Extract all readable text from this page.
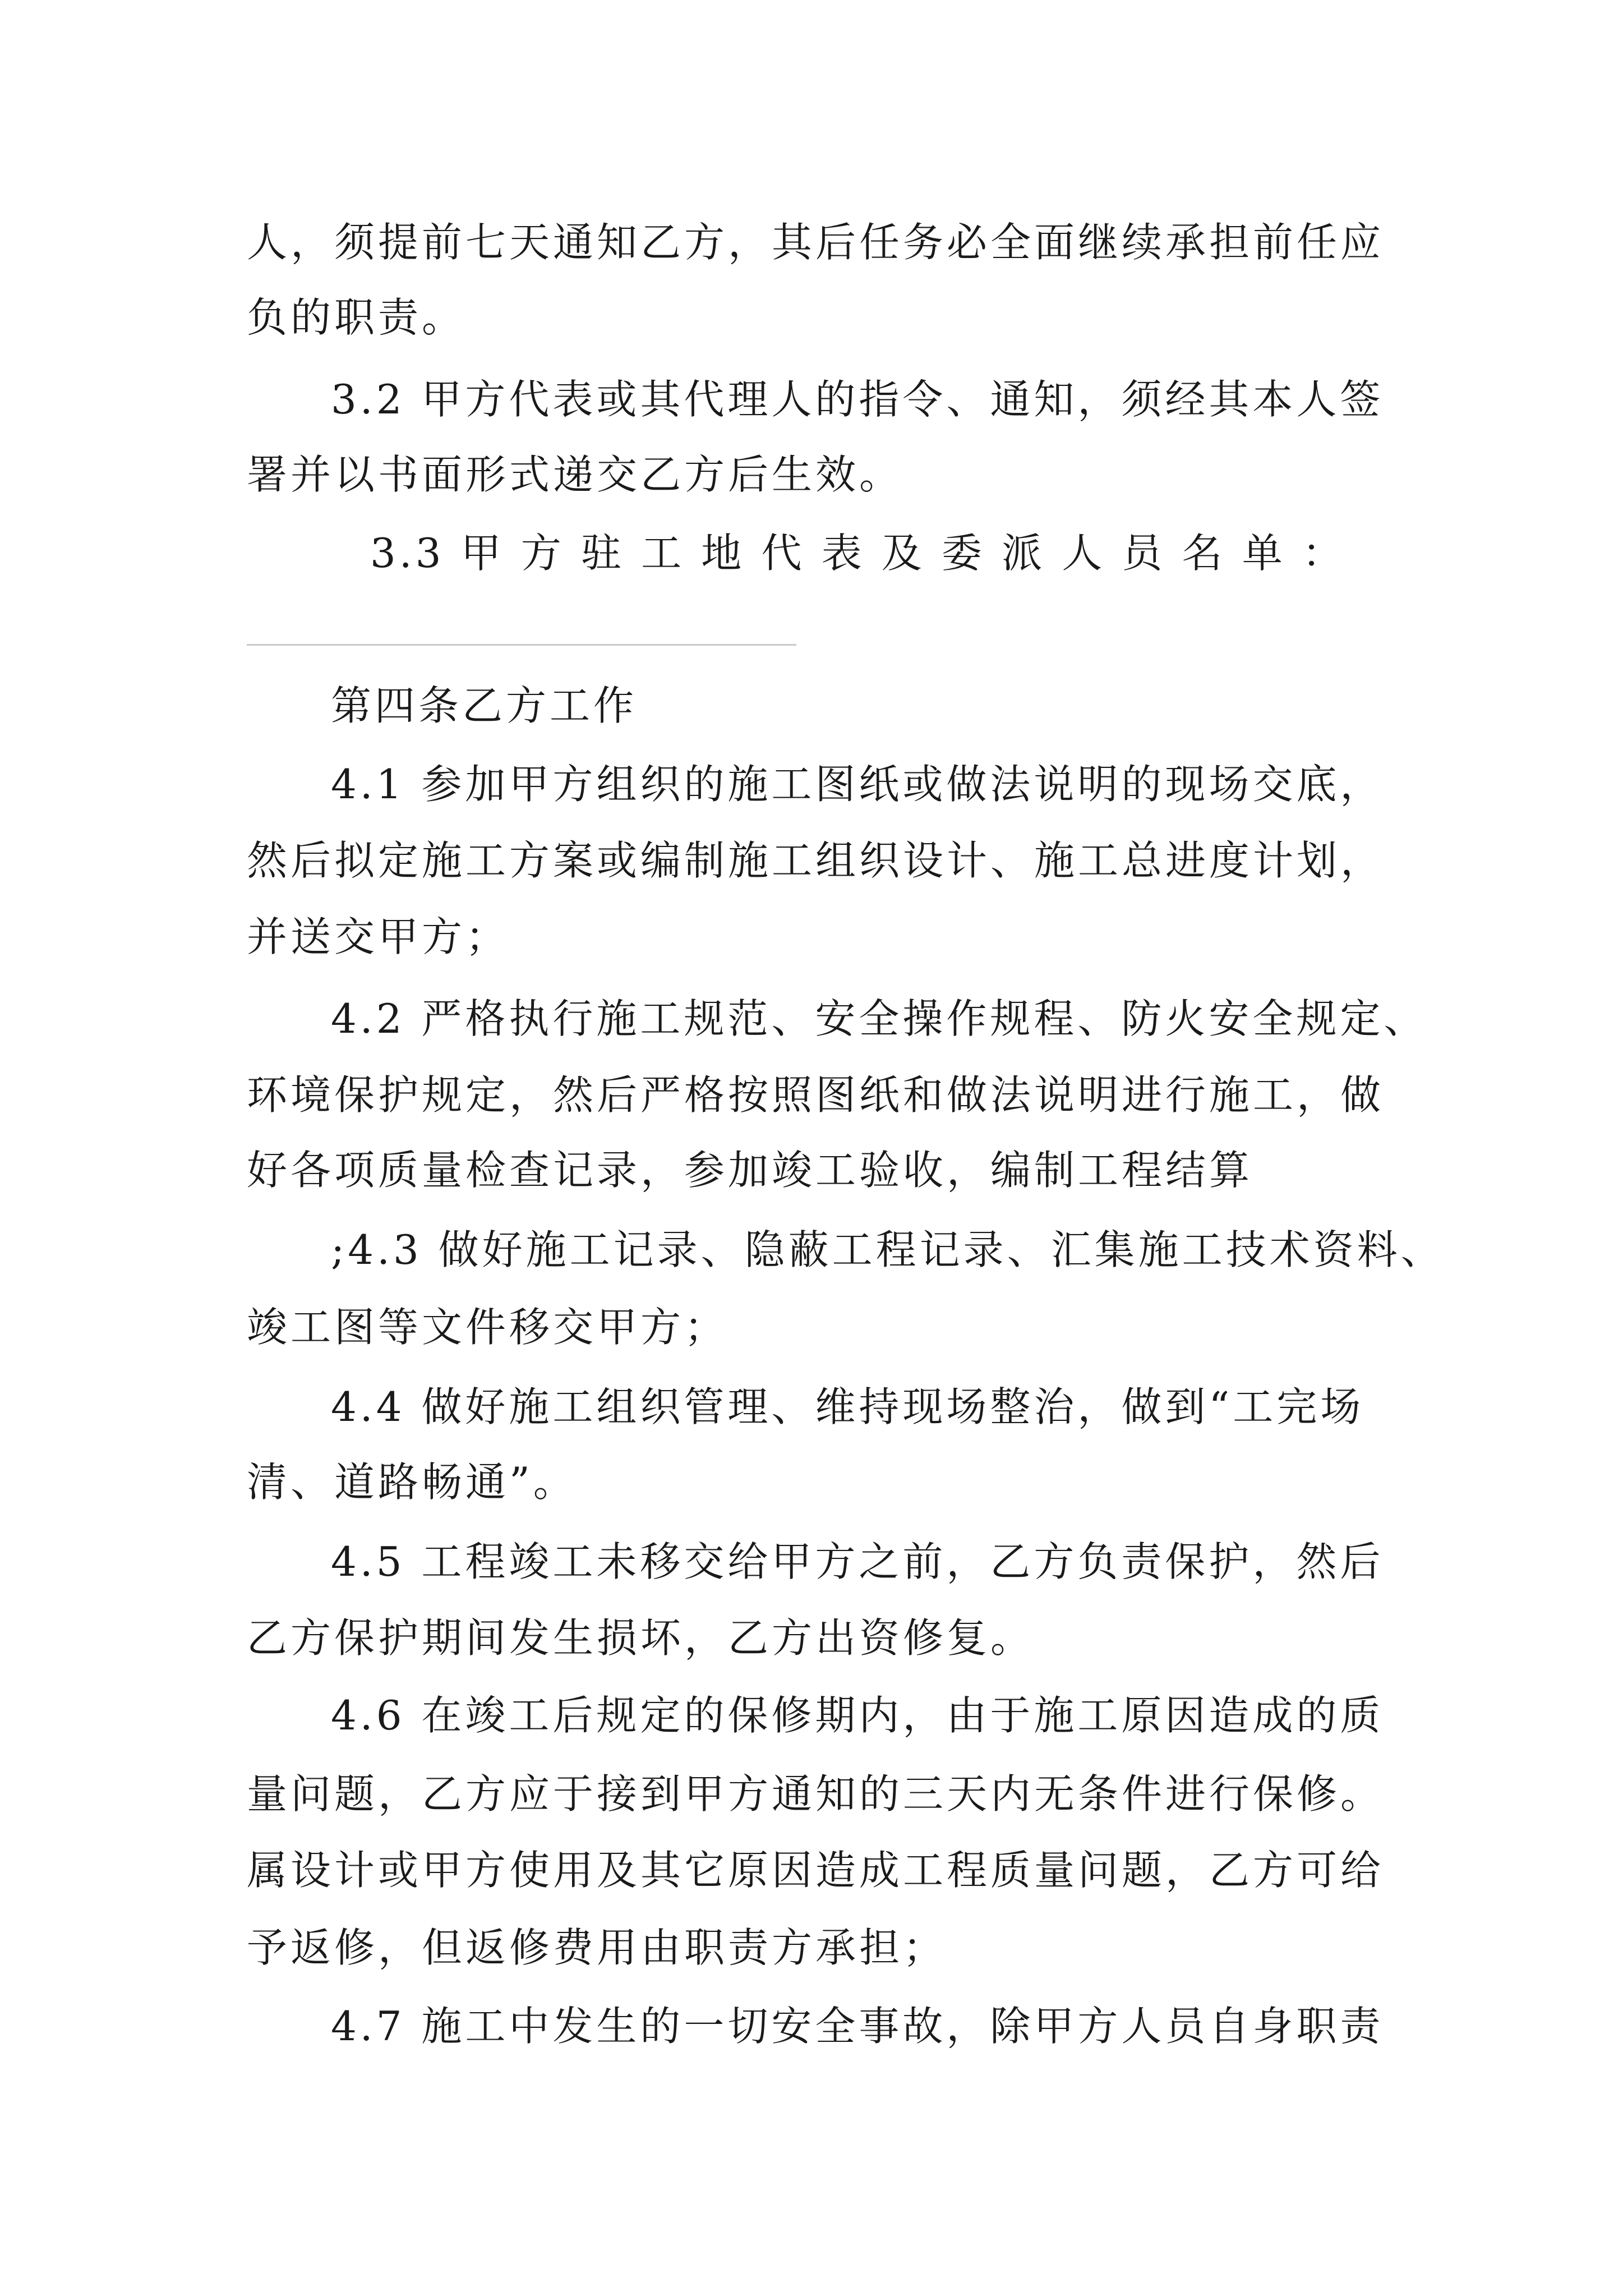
人，须提前七天通知乙方，其后任务必全面继续承担前任应
负的职责。
3.2 甲方代表或其代理人的指令、通知，须经其本人签
署并以书面形式递交乙方后生效。
3.3 甲 方 驻 工 地 代 表 及 委 派 人 员 名 单 ：
第四条乙方工作
4.1 参加甲方组织的施工图纸或做法说明的现场交底，
然后拟定施工方案或编制施工组织设计、施工总进度计划，
并送交甲方；
4.2 严格执行施工规范、安全操作规程、防火安全规定、
环境保护规定，然后严格按照图纸和做法说明进行施工，做
好各项质量检查记录，参加竣工验收，编制工程结算
;4.3 做好施工记录、隐蔽工程记录、汇集施工技术资料、
竣工图等文件移交甲方；
4.4 做好施工组织管理、维持现场整治，做到“工完场
清、道路畅通”。
4.5 工程竣工未移交给甲方之前，乙方负责保护，然后
乙方保护期间发生损坏，乙方出资修复。
4.6 在竣工后规定的保修期内，由于施工原因造成的质
量问题，乙方应于接到甲方通知的三天内无条件进行保修。
属设计或甲方使用及其它原因造成工程质量问题，乙方可给
予返修，但返修费用由职责方承担；
4.7 施工中发生的一切安全事故，除甲方人员自身职责
